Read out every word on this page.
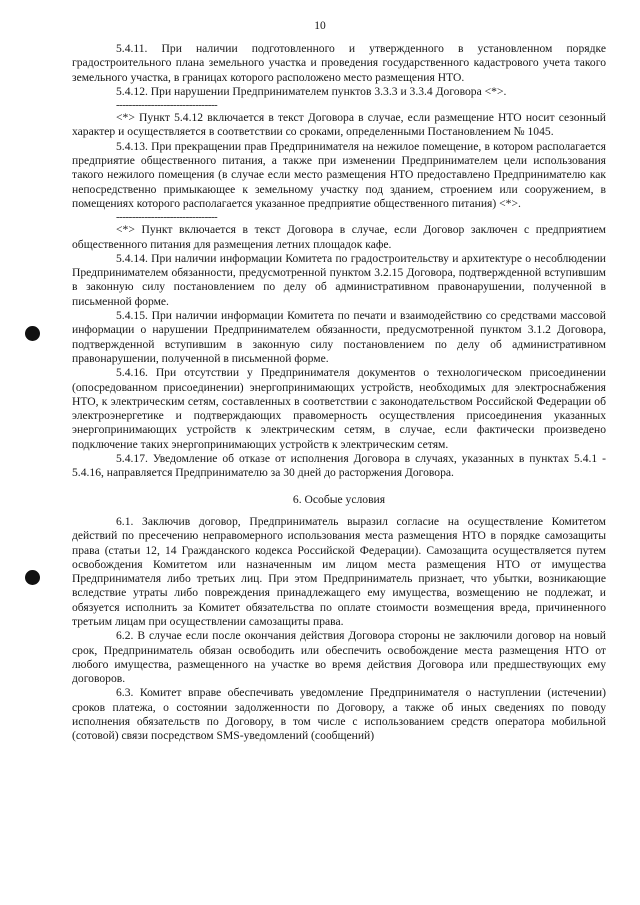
10

5.4.11. При наличии подготовленного и утвержденного в установленном порядке градостроительного плана земельного участка и проведения государственного кадастрового учета такого земельного участка, в границах которого расположено место размещения НТО.

5.4.12. При нарушении Предпринимателем пунктов 3.3.3 и 3.3.4 Договора <*>.

--------------------------------

<*> Пункт 5.4.12 включается в текст Договора в случае, если размещение НТО носит сезонный характер и осуществляется в соответствии со сроками, определенными Постановлением № 1045.

5.4.13. При прекращении прав Предпринимателя на нежилое помещение, в котором располагается предприятие общественного питания, а также при изменении Предпринимателем цели использования такого нежилого помещения (в случае если место размещения НТО предоставлено Предпринимателю как непосредственно примыкающее к земельному участку под зданием, строением или сооружением, в помещениях которого располагается указанное предприятие общественного питания) <*>.

--------------------------------

<*> Пункт включается в текст Договора в случае, если Договор заключен с предприятием общественного питания для размещения летних площадок кафе.

5.4.14. При наличии информации Комитета по градостроительству и архитектуре о несоблюдении Предпринимателем обязанности, предусмотренной пунктом 3.2.15 Договора, подтвержденной вступившим в законную силу постановлением по делу об административном правонарушении, полученной в письменной форме.

5.4.15. При наличии информации Комитета по печати и взаимодействию со средствами массовой информации о нарушении Предпринимателем обязанности, предусмотренной пунктом 3.1.2 Договора, подтвержденной вступившим в законную силу постановлением по делу об административном правонарушении, полученной в письменной форме.

5.4.16. При отсутствии у Предпринимателя документов о технологическом присоединении (опосредованном присоединении) энергопринимающих устройств, необходимых для электроснабжения НТО, к электрическим сетям, составленных в соответствии с законодательством Российской Федерации об электроэнергетике и подтверждающих правомерность осуществления присоединения указанных энергопринимающих устройств к электрическим сетям, в случае, если фактически произведено подключение таких энергопринимающих устройств к электрическим сетям.

5.4.17. Уведомление об отказе от исполнения Договора в случаях, указанных в пунктах 5.4.1 - 5.4.16, направляется Предпринимателю за 30 дней до расторжения Договора.

6. Особые условия

6.1. Заключив договор, Предприниматель выразил согласие на осуществление Комитетом действий по пресечению неправомерного использования места размещения НТО в порядке самозащиты права (статьи 12, 14 Гражданского кодекса Российской Федерации). Самозащита осуществляется путем освобождения Комитетом или назначенным им лицом места размещения НТО от имущества Предпринимателя либо третьих лиц. При этом Предприниматель признает, что убытки, возникающие вследствие утраты либо повреждения принадлежащего ему имущества, возмещению не подлежат, и обязуется исполнить за Комитет обязательства по оплате стоимости возмещения вреда, причиненного третьим лицам при осуществлении самозащиты права.

6.2. В случае если после окончания действия Договора стороны не заключили договор на новый срок, Предприниматель обязан освободить или обеспечить освобождение места размещения НТО от любого имущества, размещенного на участке во время действия Договора или предшествующих ему договоров.

6.3. Комитет вправе обеспечивать уведомление Предпринимателя о наступлении (истечении) сроков платежа, о состоянии задолженности по Договору, а также об иных сведениях по поводу исполнения обязательств по Договору, в том числе с использованием средств оператора мобильной (сотовой) связи посредством SMS-уведомлений (сообщений)
